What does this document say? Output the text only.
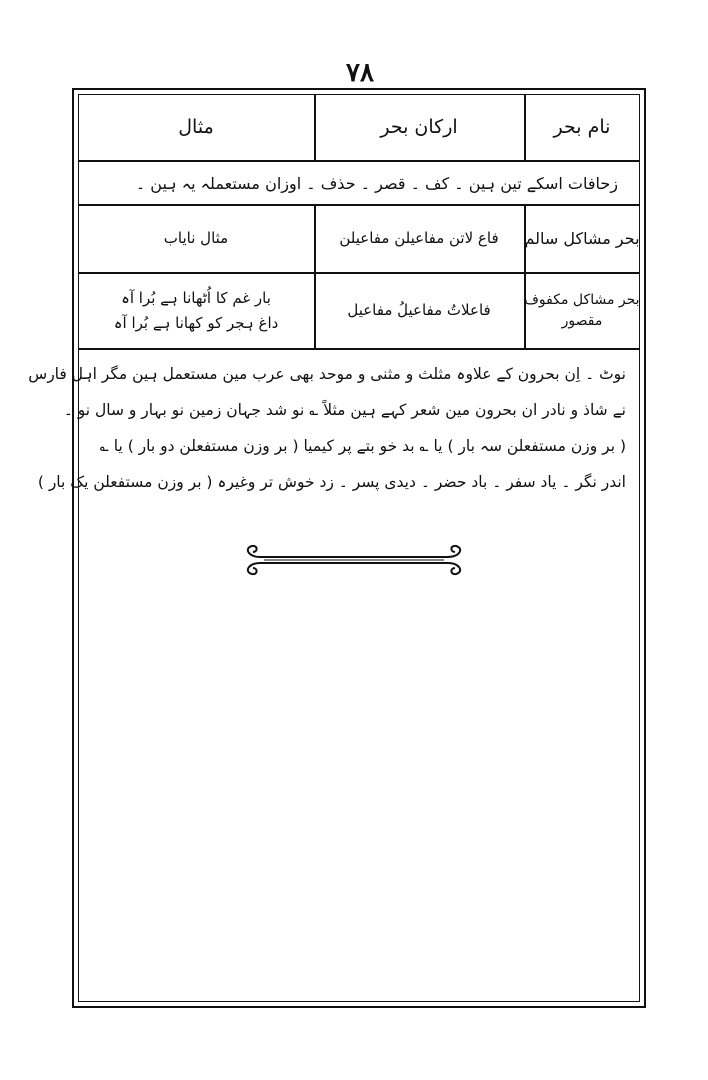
۷۸
نام بحر
ارکان بحر
مثال
زحافات اسکے تین ہین ۔ کف ۔ قصر ۔ حذف ۔ اوزان مستعملہ یہ ہین ۔
بحر مشاکل سالم
فاع لاتن مفاعیلن مفاعیلن
مثال نایاب
بحر مشاکل مکفوف مقصور
فاعلاتُ مفاعیلُ مفاعیل
بار غم کا اُٹھانا ہے بُرا آہ
داغ ہجر کو کھانا ہے بُرا آہ

نوٹ ۔ اِن بحرون کے علاوہ مثلث و مثنی و موحد بھی عرب مین مستعمل ہین مگر اہل فارس

نے شاذ و نادر ان بحرون مین شعر کہے ہین مثلاً ؎ نو شد جہان زمین نو بہار و سال نو ۔

( بر وزن مستفعلن سہ بار ) یا ؎ بد خو بتے پر کیمیا ( بر وزن مستفعلن دو بار ) یا ؎

اندر نگر ۔ یاد سفر ۔ باد حضر ۔ دیدی پسر ۔ زد خوش تر وغیرہ ( بر وزن مستفعلن یک بار )
